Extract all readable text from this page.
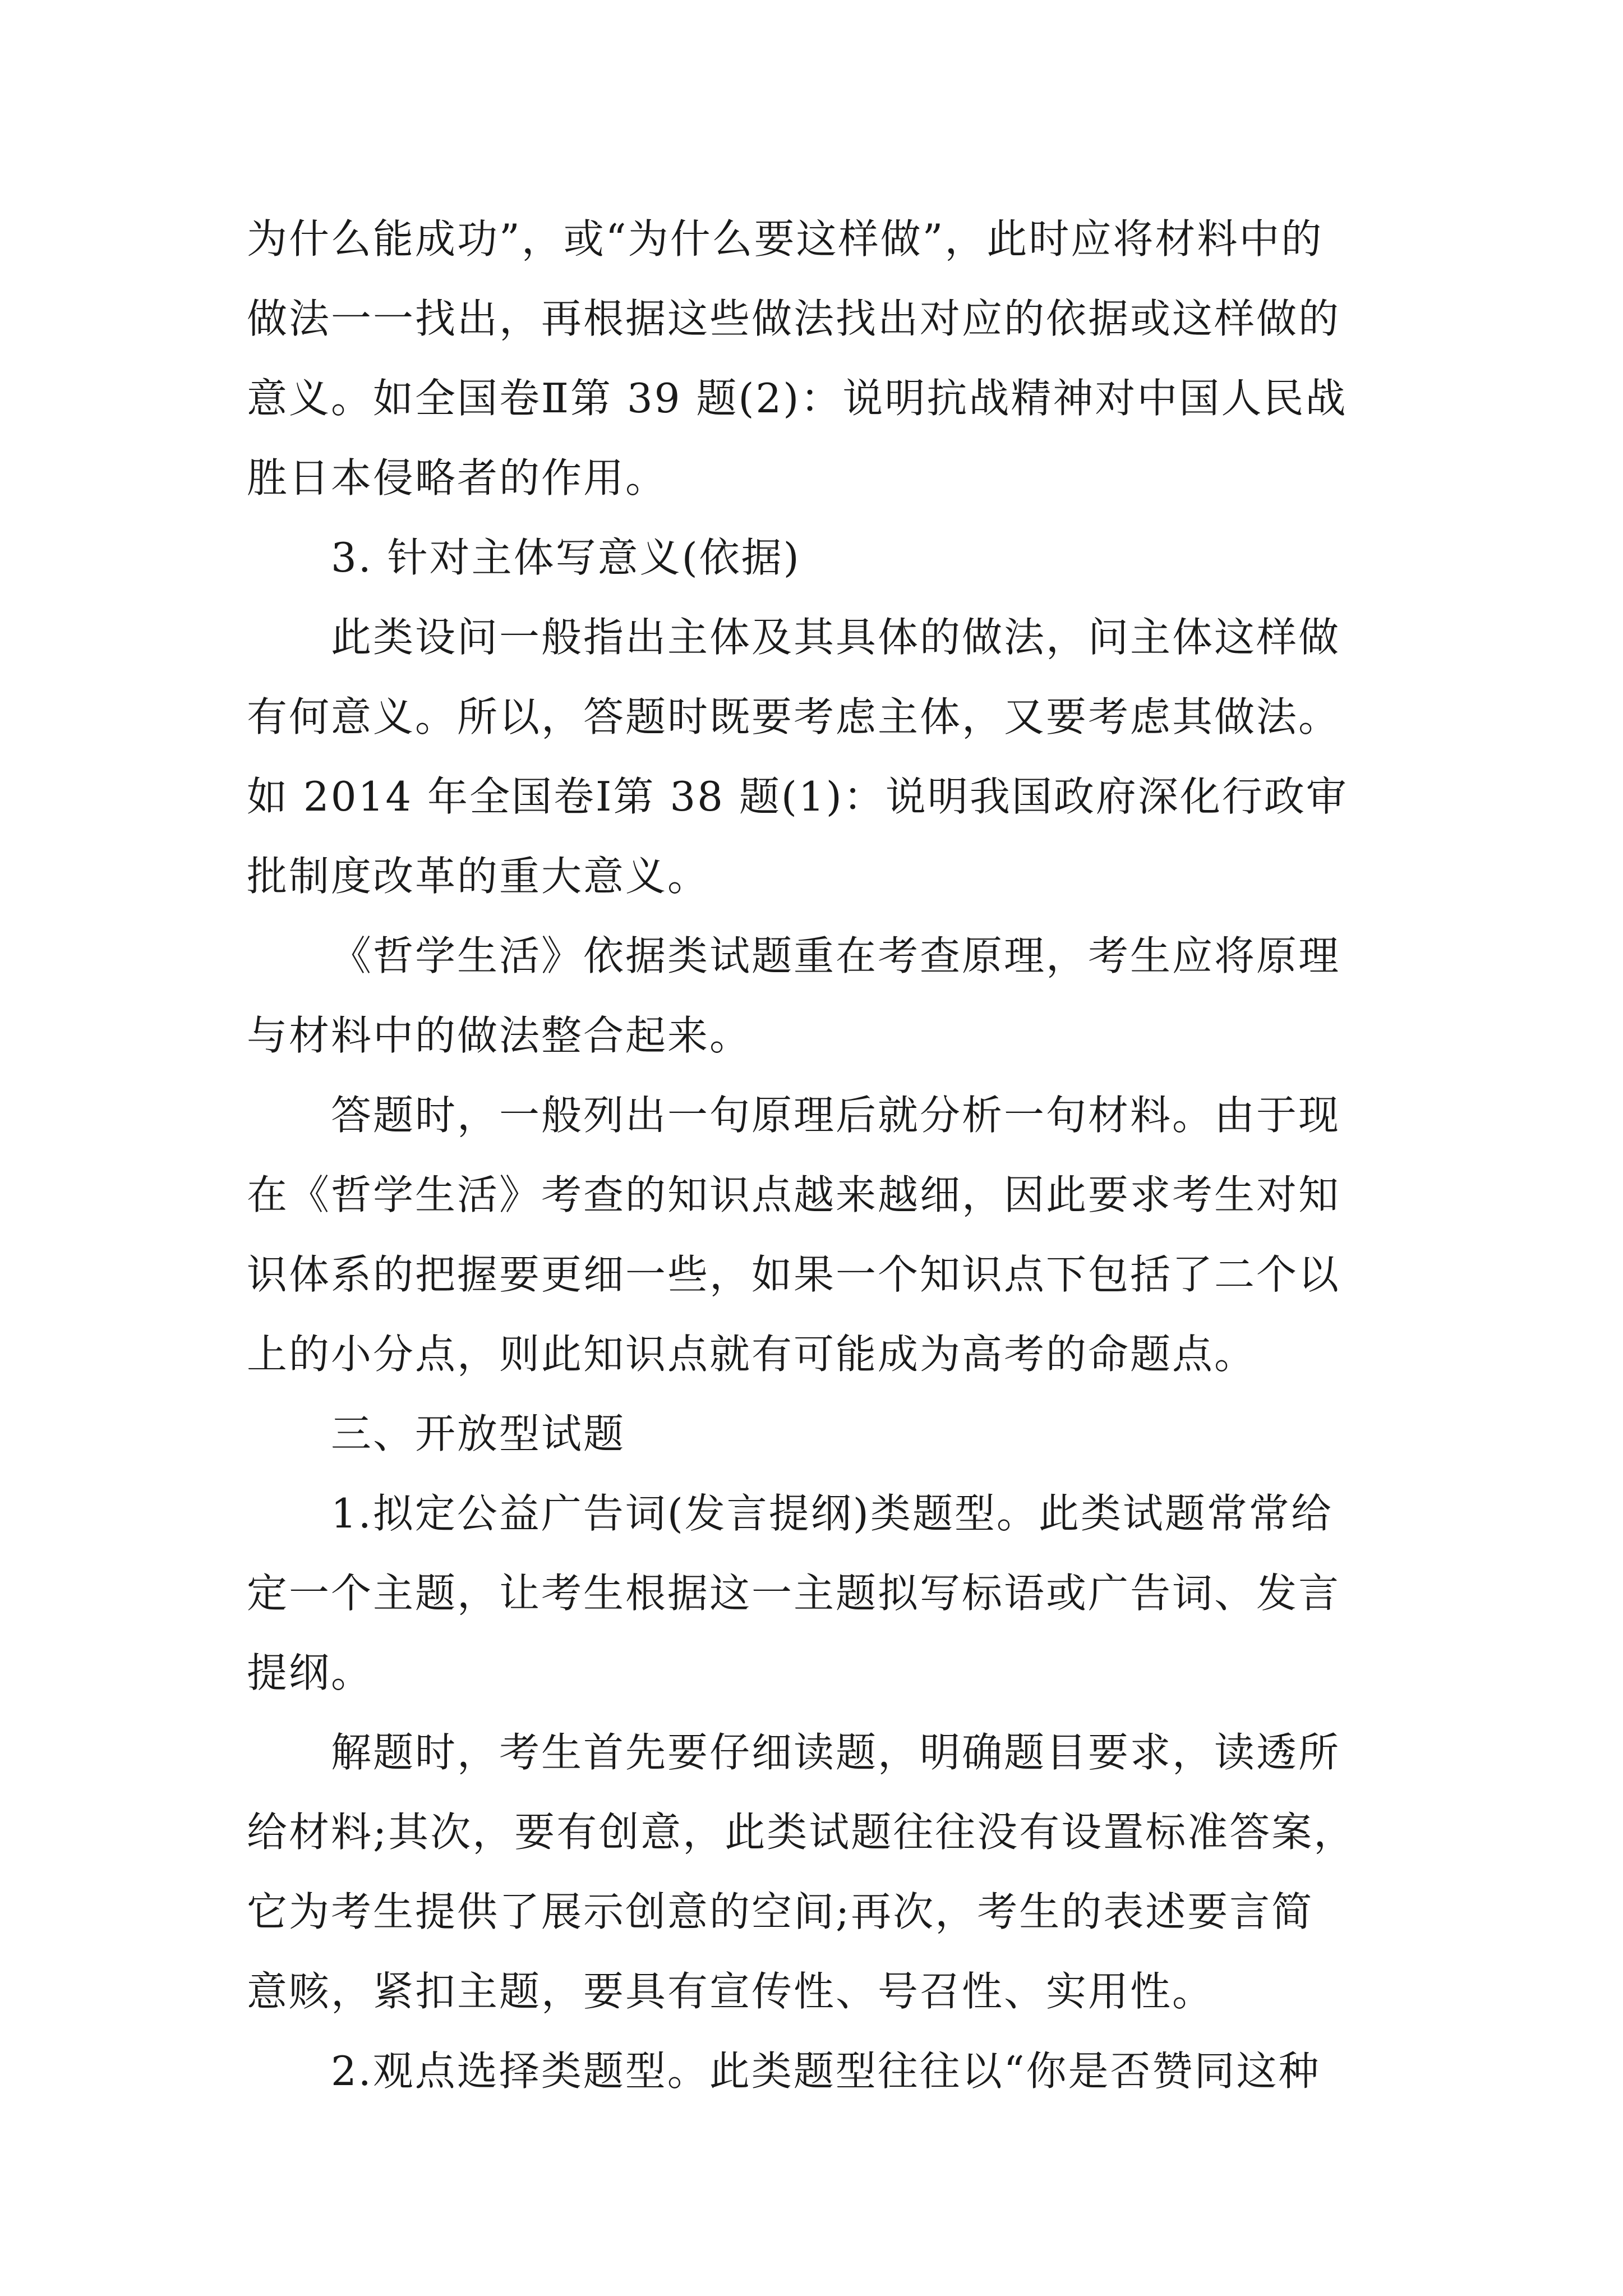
为什么能成功”，或“为什么要这样做”，此时应将材料中的
做法一一找出，再根据这些做法找出对应的依据或这样做的
意义。如全国卷Ⅱ第 39 题(2)：说明抗战精神对中国人民战
胜日本侵略者的作用。
3. 针对主体写意义(依据)
此类设问一般指出主体及其具体的做法，问主体这样做
有何意义。所以，答题时既要考虑主体，又要考虑其做法。
如 2014 年全国卷Ⅰ第 38 题(1)：说明我国政府深化行政审
批制度改革的重大意义。
《哲学生活》依据类试题重在考查原理，考生应将原理
与材料中的做法整合起来。
答题时，一般列出一句原理后就分析一句材料。由于现
在《哲学生活》考查的知识点越来越细，因此要求考生对知
识体系的把握要更细一些，如果一个知识点下包括了二个以
上的小分点，则此知识点就有可能成为高考的命题点。
三、开放型试题
1.拟定公益广告词(发言提纲)类题型。此类试题常常给
定一个主题，让考生根据这一主题拟写标语或广告词、发言
提纲。
解题时，考生首先要仔细读题，明确题目要求，读透所
给材料;其次，要有创意，此类试题往往没有设置标准答案，
它为考生提供了展示创意的空间;再次，考生的表述要言简
意赅，紧扣主题，要具有宣传性、号召性、实用性。
2.观点选择类题型。此类题型往往以“你是否赞同这种
